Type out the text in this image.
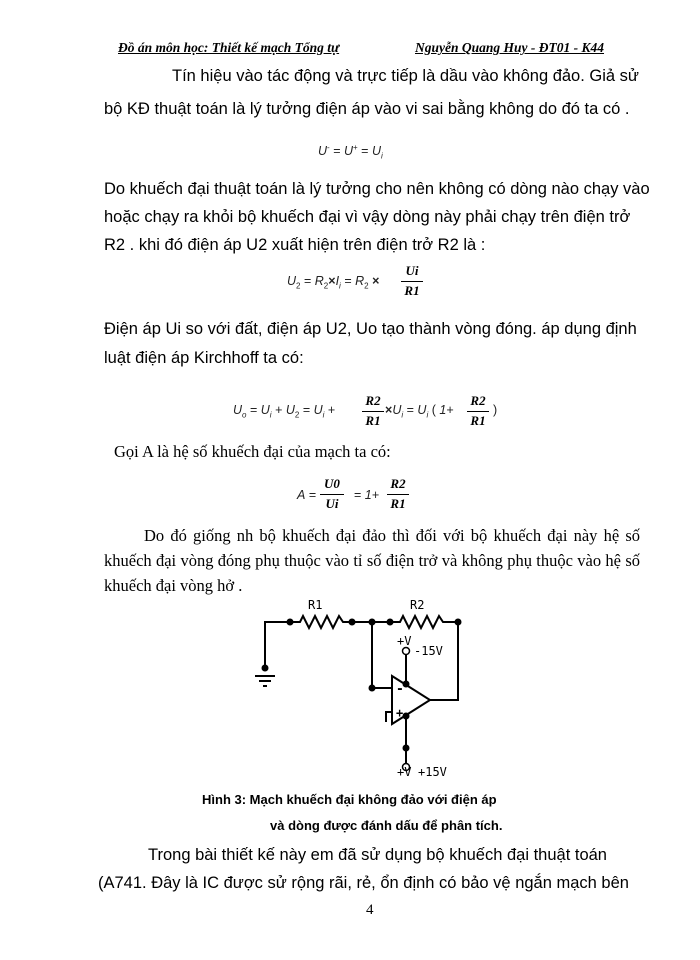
Đồ án môn học: Thiết kế mạch Tổng tự	Nguyễn Quang Huy - ĐT01 - K44
Tín hiệu vào tác động và trực tiếp là dầu vào không đảo. Giả sử
bộ KĐ thuật toán là lý tưởng điện áp vào vi sai bằng không do đó ta có .
$U^- = U^+ = U_i$
Do khuếch đại thuật toán là lý tưởng cho nên không có dòng nào chạy vào
hoặc chạy ra khỏi bộ khuếch đại vì vậy dòng này phải chạy trên điện trở
R2 . khi đó điện áp U2 xuất hiện trên điện trở R2 là :
$U_2 = R_2\times I_i = R_2$ ×
Ui
R1
Điện áp Ui so với đất, điện áp U2, Uo tạo thành vòng đóng. áp dụng định
luật điện áp Kirchhoff ta có:
$U_o = U_i + U_2 = U_i$ +
R2
R1
$\times U_i = U_i$ ( 1+
R2
R1
)
Gọi A là hệ số khuếch đại của mạch ta có:
A =
U0
Ui
= 1+
R2
R1
Do đó giống nh bộ khuếch đại đảo thì đối với bộ khuếch đại này hệ số
khuếch đại vòng đóng phụ thuộc vào tỉ số điện trở và không phụ thuộc vào hệ số
khuếch đại vòng hở .
R1	R2
+V
-15V
-
+
+V +15V
Hình 3: Mạch khuếch đại không đảo với điện áp
và dòng được đánh dấu để phân tích.
Trong bài thiết kế này em đã sử dụng bộ khuếch đại thuật toán
(A741. Đây là IC được sử rộng rãi, rẻ, ổn định có bảo vệ ngắn mạch bên
4
